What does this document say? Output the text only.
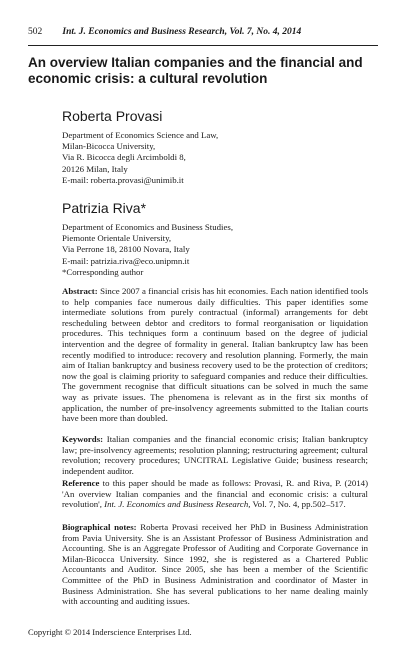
502 Int. J. Economics and Business Research, Vol. 7, No. 4, 2014
An overview Italian companies and the financial and economic crisis: a cultural revolution

Roberta Provasi

Department of Economics Science and Law,
Milan-Bicocca University,
Via R. Bicocca degli Arcimboldi 8,
20126 Milan, Italy
E-mail: roberta.provasi@unimib.it

Patrizia Riva*

Department of Economics and Business Studies,
Piemonte Orientale University,
Via Perrone 18, 28100 Novara, Italy
E-mail: patrizia.riva@eco.unipmn.it
*Corresponding author
Abstract: Since 2007 a financial crisis has hit economies. Each nation identified tools to help companies face numerous daily difficulties. This paper identifies some intermediate solutions from purely contractual (informal) arrangements for debt rescheduling between debtor and creditors to formal reorganisation or liquidation procedures. This techniques form a continuum based on the degree of judicial intervention and the degree of formality in general. Italian bankruptcy law has been recently modified to introduce: recovery and resolution planning. Formerly, the main aim of Italian bankruptcy and business recovery used to be the protection of creditors; now the goal is claiming priority to safeguard companies and reduce their difficulties. The government recognise that difficult situations can be solved in much the same way as private issues. The phenomena is relevant as in the first six months of application, the number of pre-insolvency agreements submitted to the Italian courts have been more than doubled.
Keywords: Italian companies and the financial economic crisis; Italian bankruptcy law; pre-insolvency agreements; resolution planning; restructuring agreement; cultural revolution; recovery procedures; UNCITRAL Legislative Guide; business research; independent auditor.
Reference to this paper should be made as follows: Provasi, R. and Riva, P. (2014) 'An overview Italian companies and the financial and economic crisis: a cultural revolution', Int. J. Economics and Business Research, Vol. 7, No. 4, pp.502–517.
Biographical notes: Roberta Provasi received her PhD in Business Administration from Pavia University. She is an Assistant Professor of Business Administration and Accounting. She is an Aggregate Professor of Auditing and Corporate Governance in Milan-Bicocca University. Since 1992, she is registered as a Chartered Public Accountants and Auditor. Since 2005, she has been a member of the Scientific Committee of the PhD in Business Administration and coordinator of Master in Business Administration. She has several publications to her name dealing mainly with accounting and auditing issues.
Copyright © 2014 Inderscience Enterprises Ltd.
